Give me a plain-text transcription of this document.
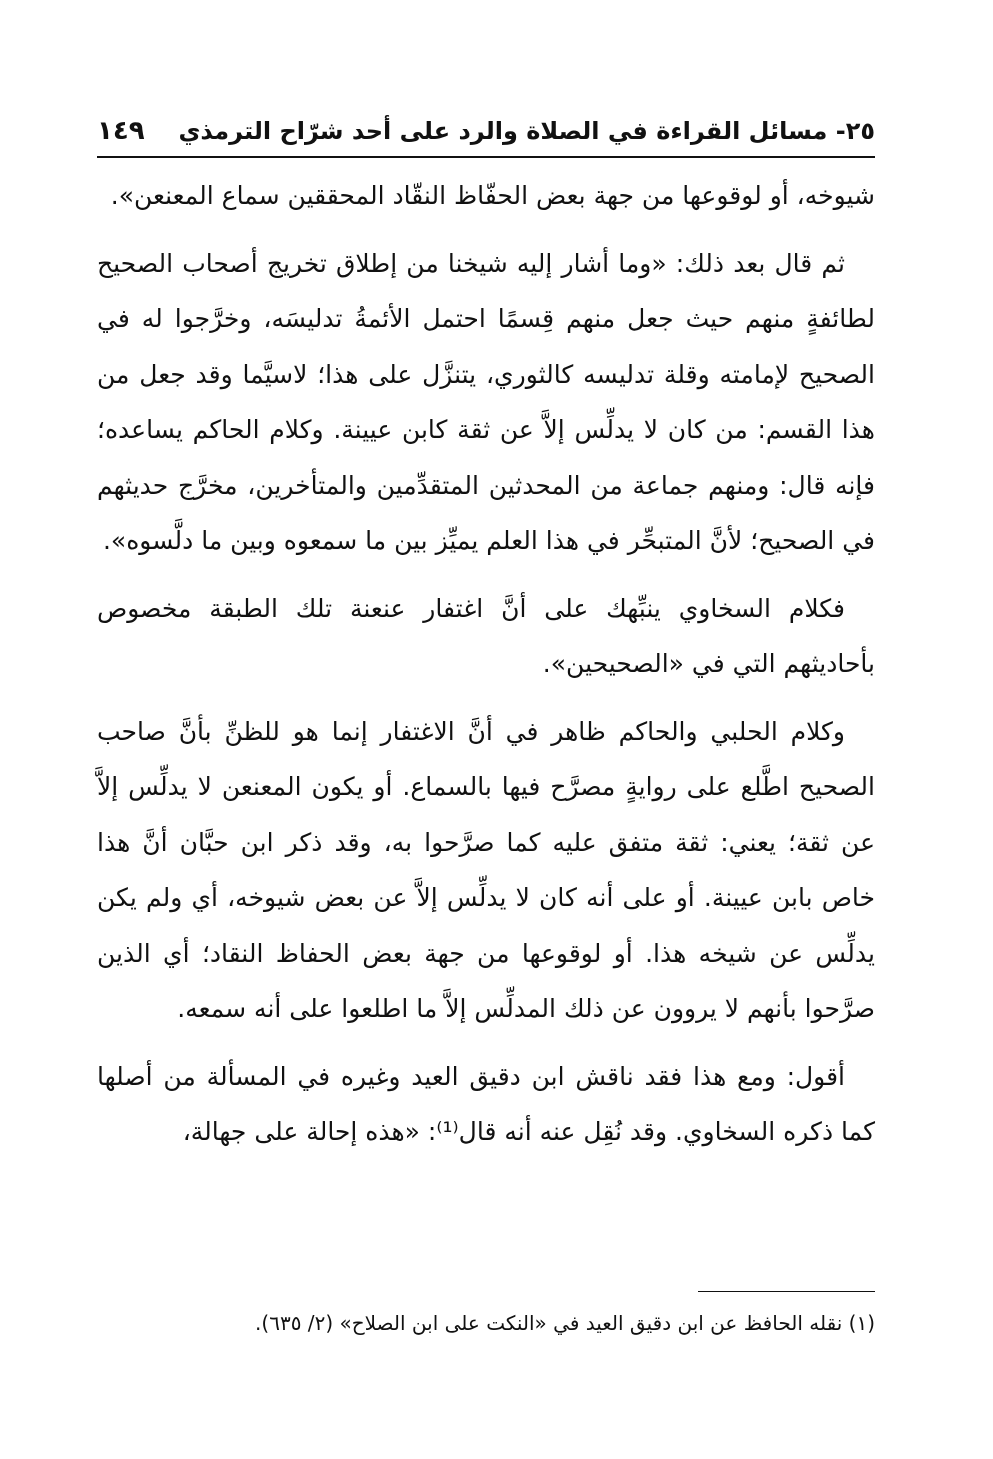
٢٥- مسائل القراءة في الصلاة والرد على أحد شرّاح الترمذي
١٤٩

شيوخه، أو لوقوعها من جهة بعض الحفّاظ النقّاد المحققين سماع المعنعن».

ثم قال بعد ذلك: «وما أشار إليه شيخنا من إطلاق تخريج أصحاب الصحيح لطائفةٍ منهم حيث جعل منهم قِسمًا احتمل الأئمةُ تدليسَه، وخرَّجوا له في الصحيح لإمامته وقلة تدليسه كالثوري، يتنزَّل على هذا؛ لاسيَّما وقد جعل من هذا القسم: من كان لا يدلِّس إلاَّ عن ثقة كابن عيينة. وكلام الحاكم يساعده؛ فإنه قال: ومنهم جماعة من المحدثين المتقدِّمين والمتأخرين، مخرَّج حديثهم في الصحيح؛ لأنَّ المتبحِّر في هذا العلم يميِّز بين ما سمعوه وبين ما دلَّسوه».

فكلام السخاوي ينبِّهك على أنَّ اغتفار عنعنة تلك الطبقة مخصوص بأحاديثهم التي في «الصحيحين».

وكلام الحلبي والحاكم ظاهر في أنَّ الاغتفار إنما هو للظنِّ بأنَّ صاحب الصحيح اطَّلع على روايةٍ مصرَّح فيها بالسماع. أو يكون المعنعن لا يدلِّس إلاَّ عن ثقة؛ يعني: ثقة متفق عليه كما صرَّحوا به، وقد ذكر ابن حبَّان أنَّ هذا خاص بابن عيينة. أو على أنه كان لا يدلِّس إلاَّ عن بعض شيوخه، أي ولم يكن يدلِّس عن شيخه هذا. أو لوقوعها من جهة بعض الحفاظ النقاد؛ أي الذين صرَّحوا بأنهم لا يروون عن ذلك المدلِّس إلاَّ ما اطلعوا على أنه سمعه.

أقول: ومع هذا فقد ناقش ابن دقيق العيد وغيره في المسألة من أصلها كما ذكره السخاوي. وقد نُقِل عنه أنه قال⁽¹⁾: «هذه إحالة على جهالة،

(١) نقله الحافظ عن ابن دقيق العيد في «النكت على ابن الصلاح» (٢/ ٦٣٥).
